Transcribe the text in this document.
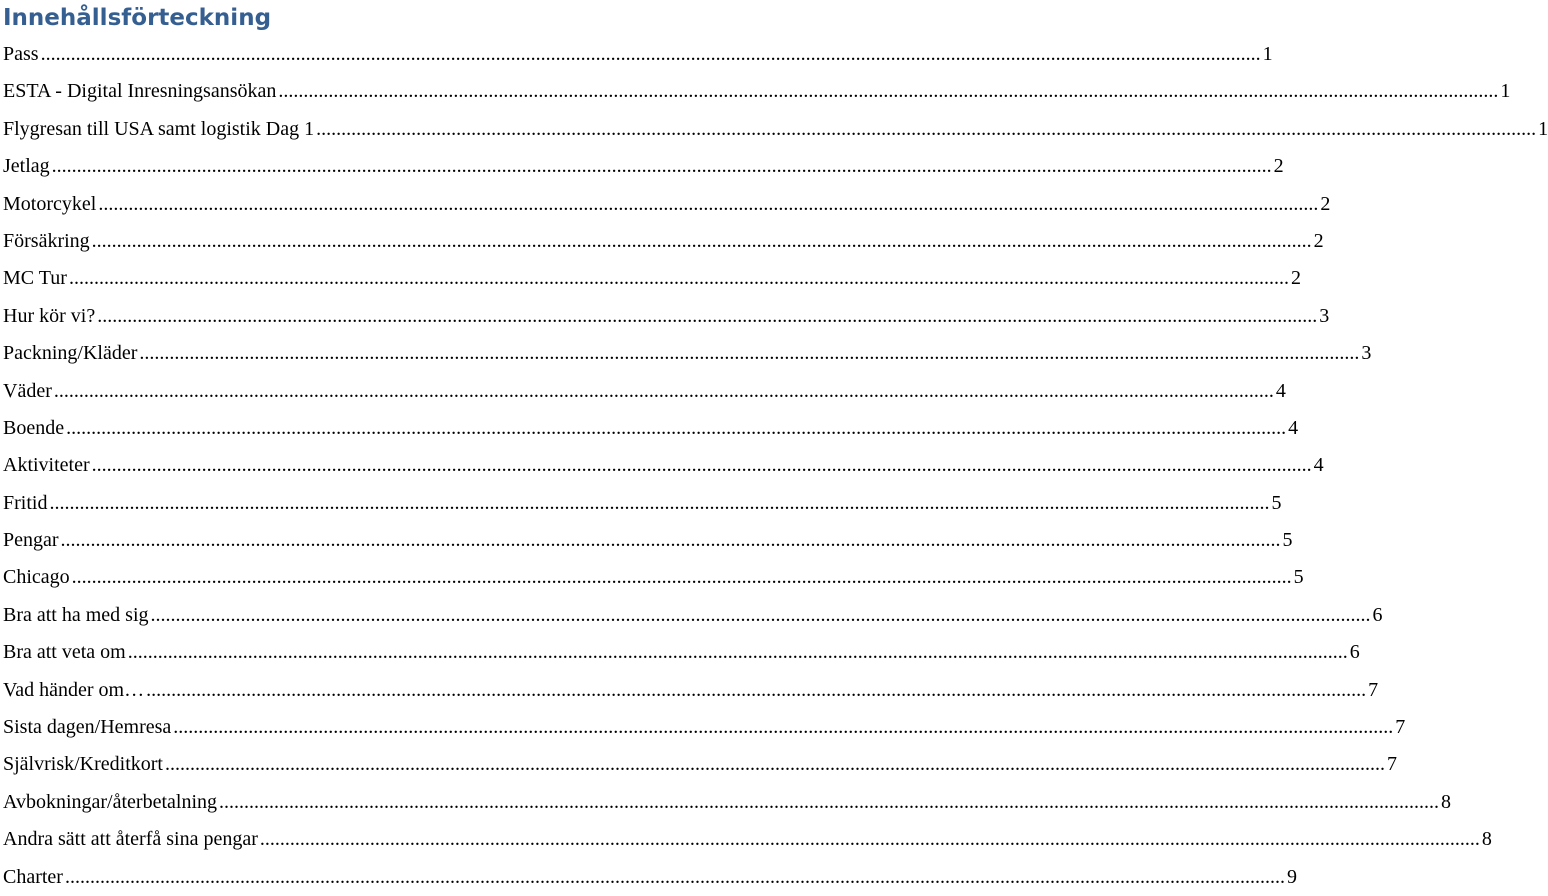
Innehållsförteckning
Pass .....	1
ESTA - Digital Inresningsansökan .....	1
Flygresan till USA samt logistik Dag 1 .....	1
Jetlag .....	2
Motorcykel .....	2
Försäkring .....	2
MC Tur .....	2
Hur kör vi? .....	3
Packning/Kläder .....	3
Väder .....	4
Boende .....	4
Aktiviteter .....	4
Fritid .....	5
Pengar .....	5
Chicago .....	5
Bra att ha med sig .....	6
Bra att veta om .....	6
Vad händer om… .....	7
Sista dagen/Hemresa .....	7
Självrisk/Kreditkort .....	7
Avbokningar/återbetalning .....	8
Andra sätt att återfå sina pengar .....	8
Charter .....	9
